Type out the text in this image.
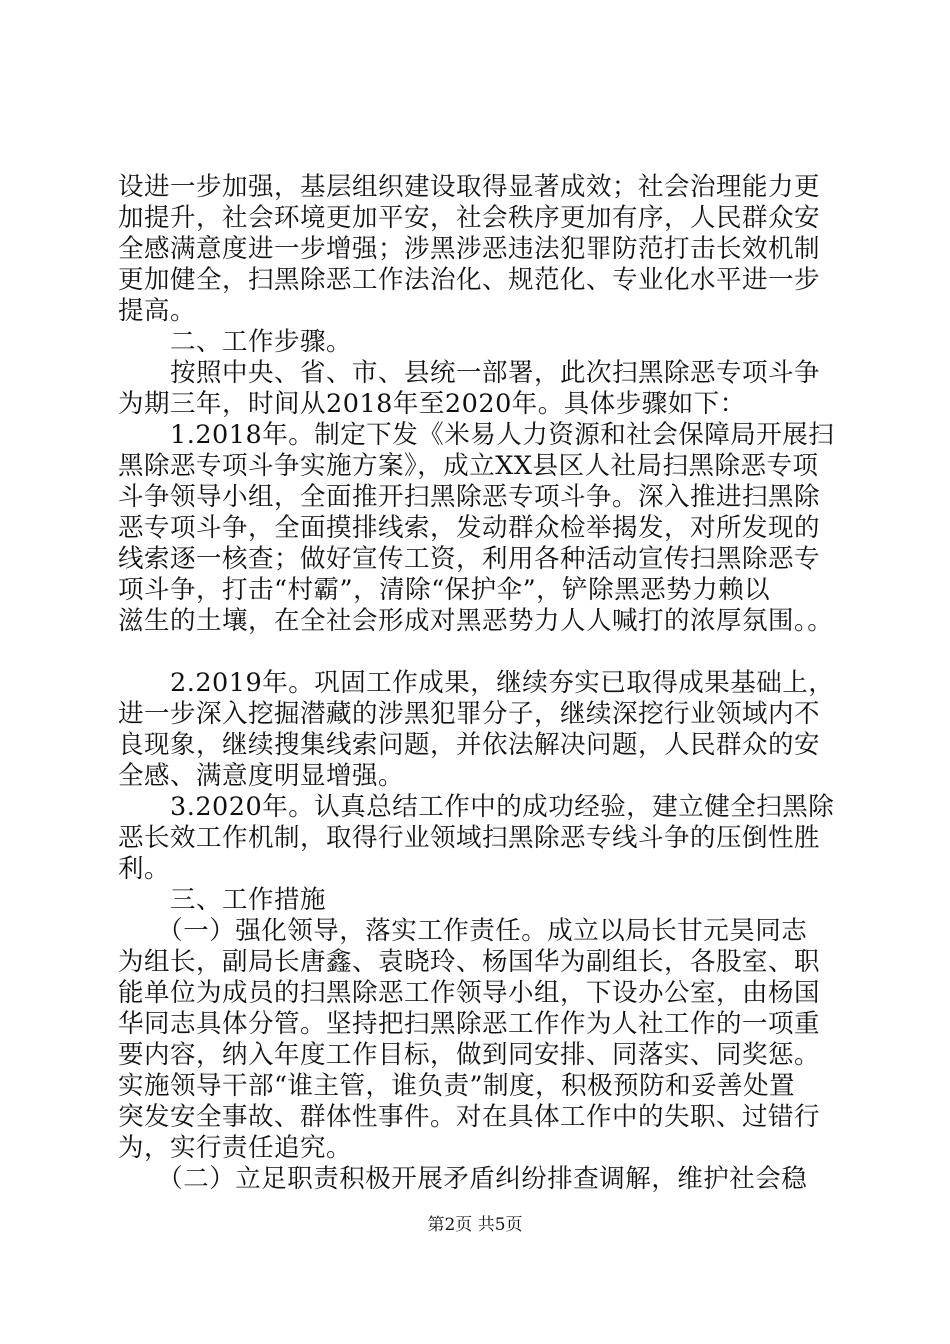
设进一步加强，基层组织建设取得显著成效；社会治理能力更
加提升，社会环境更加平安，社会秩序更加有序，人民群众安
全感满意度进一步增强；涉黑涉恶违法犯罪防范打击长效机制
更加健全，扫黑除恶工作法治化、规范化、专业化水平进一步
提高。
　　二、工作步骤。
　　按照中央、省、市、县统一部署，此次扫黑除恶专项斗争
为期三年，时间从2018年至2020年。具体步骤如下：
　　1.2018年。制定下发《米易人力资源和社会保障局开展扫
黑除恶专项斗争实施方案》，成立XX县区人社局扫黑除恶专项
斗争领导小组，全面推开扫黑除恶专项斗争。深入推进扫黑除
恶专项斗争，全面摸排线索，发动群众检举揭发，对所发现的
线索逐一核查；做好宣传工资，利用各种活动宣传扫黑除恶专
项斗争，打击“村霸”，清除“保护伞”，铲除黑恶势力赖以
滋生的土壤，在全社会形成对黑恶势力人人喊打的浓厚氛围。。
　　2.2019年。巩固工作成果，继续夯实已取得成果基础上，
进一步深入挖掘潜藏的涉黑犯罪分子，继续深挖行业领域内不
良现象，继续搜集线索问题，并依法解决问题，人民群众的安
全感、满意度明显增强。
　　3.2020年。认真总结工作中的成功经验，建立健全扫黑除
恶长效工作机制，取得行业领域扫黑除恶专线斗争的压倒性胜
利。
　　三、工作措施
　　（一）强化领导，落实工作责任。成立以局长甘元昊同志
为组长，副局长唐鑫、袁晓玲、杨国华为副组长，各股室、职
能单位为成员的扫黑除恶工作领导小组，下设办公室，由杨国
华同志具体分管。坚持把扫黑除恶工作作为人社工作的一项重
要内容，纳入年度工作目标，做到同安排、同落实、同奖惩。
实施领导干部“谁主管，谁负责”制度，积极预防和妥善处置
突发安全事故、群体性事件。对在具体工作中的失职、过错行
为，实行责任追究。
　　（二）立足职责积极开展矛盾纠纷排查调解，维护社会稳
第2页 共5页
